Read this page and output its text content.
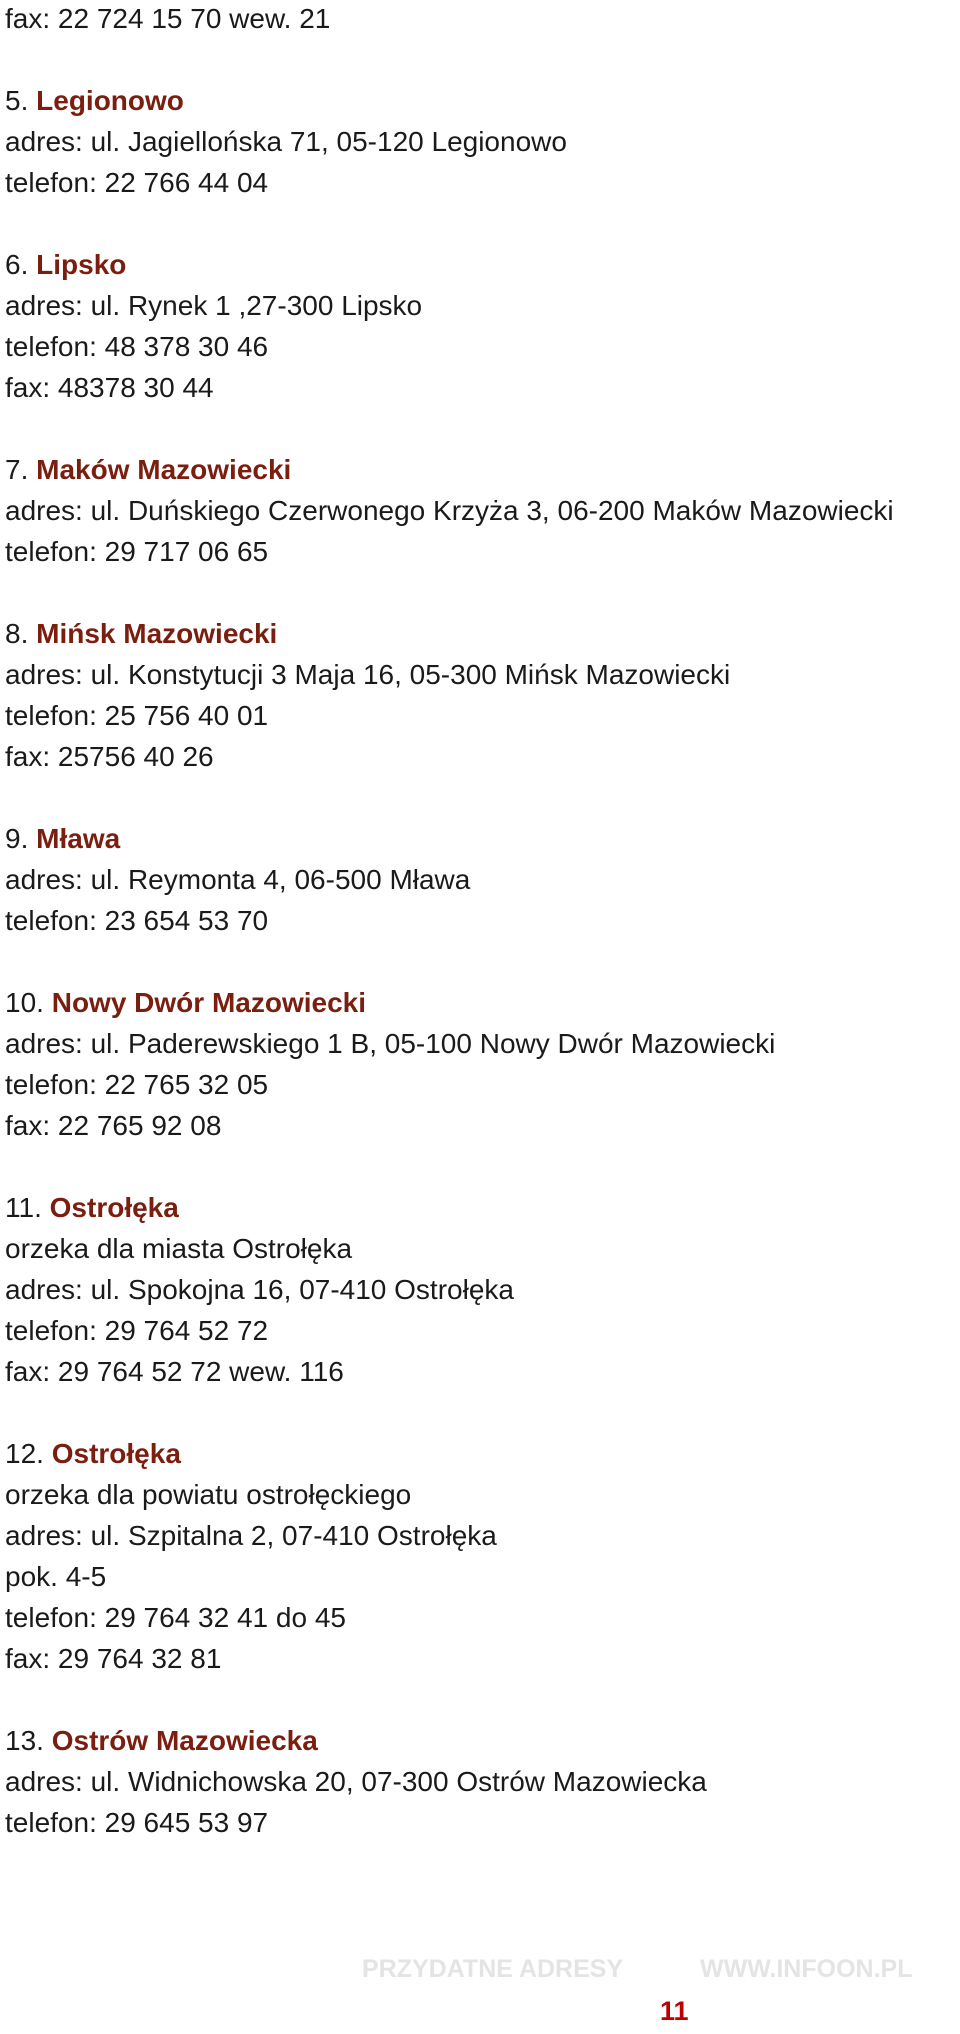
fax: 22 724 15 70 wew. 21
5. Legionowo
adres: ul. Jagiellońska 71, 05-120 Legionowo
telefon: 22 766 44 04
6. Lipsko
adres: ul. Rynek 1 ,27-300 Lipsko
telefon: 48 378 30 46
fax: 48378 30 44
7. Maków Mazowiecki
adres: ul. Duńskiego Czerwonego Krzyża 3, 06-200 Maków Mazowiecki
telefon: 29 717 06 65
8. Mińsk Mazowiecki
adres: ul. Konstytucji 3 Maja 16, 05-300 Mińsk Mazowiecki
telefon: 25 756 40 01
fax: 25756 40 26
9. Mława
adres: ul. Reymonta 4, 06-500 Mława
telefon: 23 654 53 70
10. Nowy Dwór Mazowiecki
adres: ul. Paderewskiego 1 B, 05-100 Nowy Dwór Mazowiecki
telefon: 22 765 32 05
fax: 22 765 92 08
11. Ostrołęka
orzeka dla miasta Ostrołęka
adres: ul. Spokojna 16, 07-410 Ostrołęka
telefon: 29 764 52 72
fax: 29 764 52 72 wew. 116
12. Ostrołęka
orzeka dla powiatu ostrołęckiego
adres: ul. Szpitalna 2, 07-410 Ostrołęka
pok. 4-5
telefon: 29 764 32 41 do 45
fax: 29 764 32 81
13. Ostrów Mazowiecka
adres: ul. Widnichowska 20, 07-300 Ostrów Mazowiecka
telefon: 29 645 53 97
PRZYDATNE ADRESY	WWW.INFOON.PL
11
